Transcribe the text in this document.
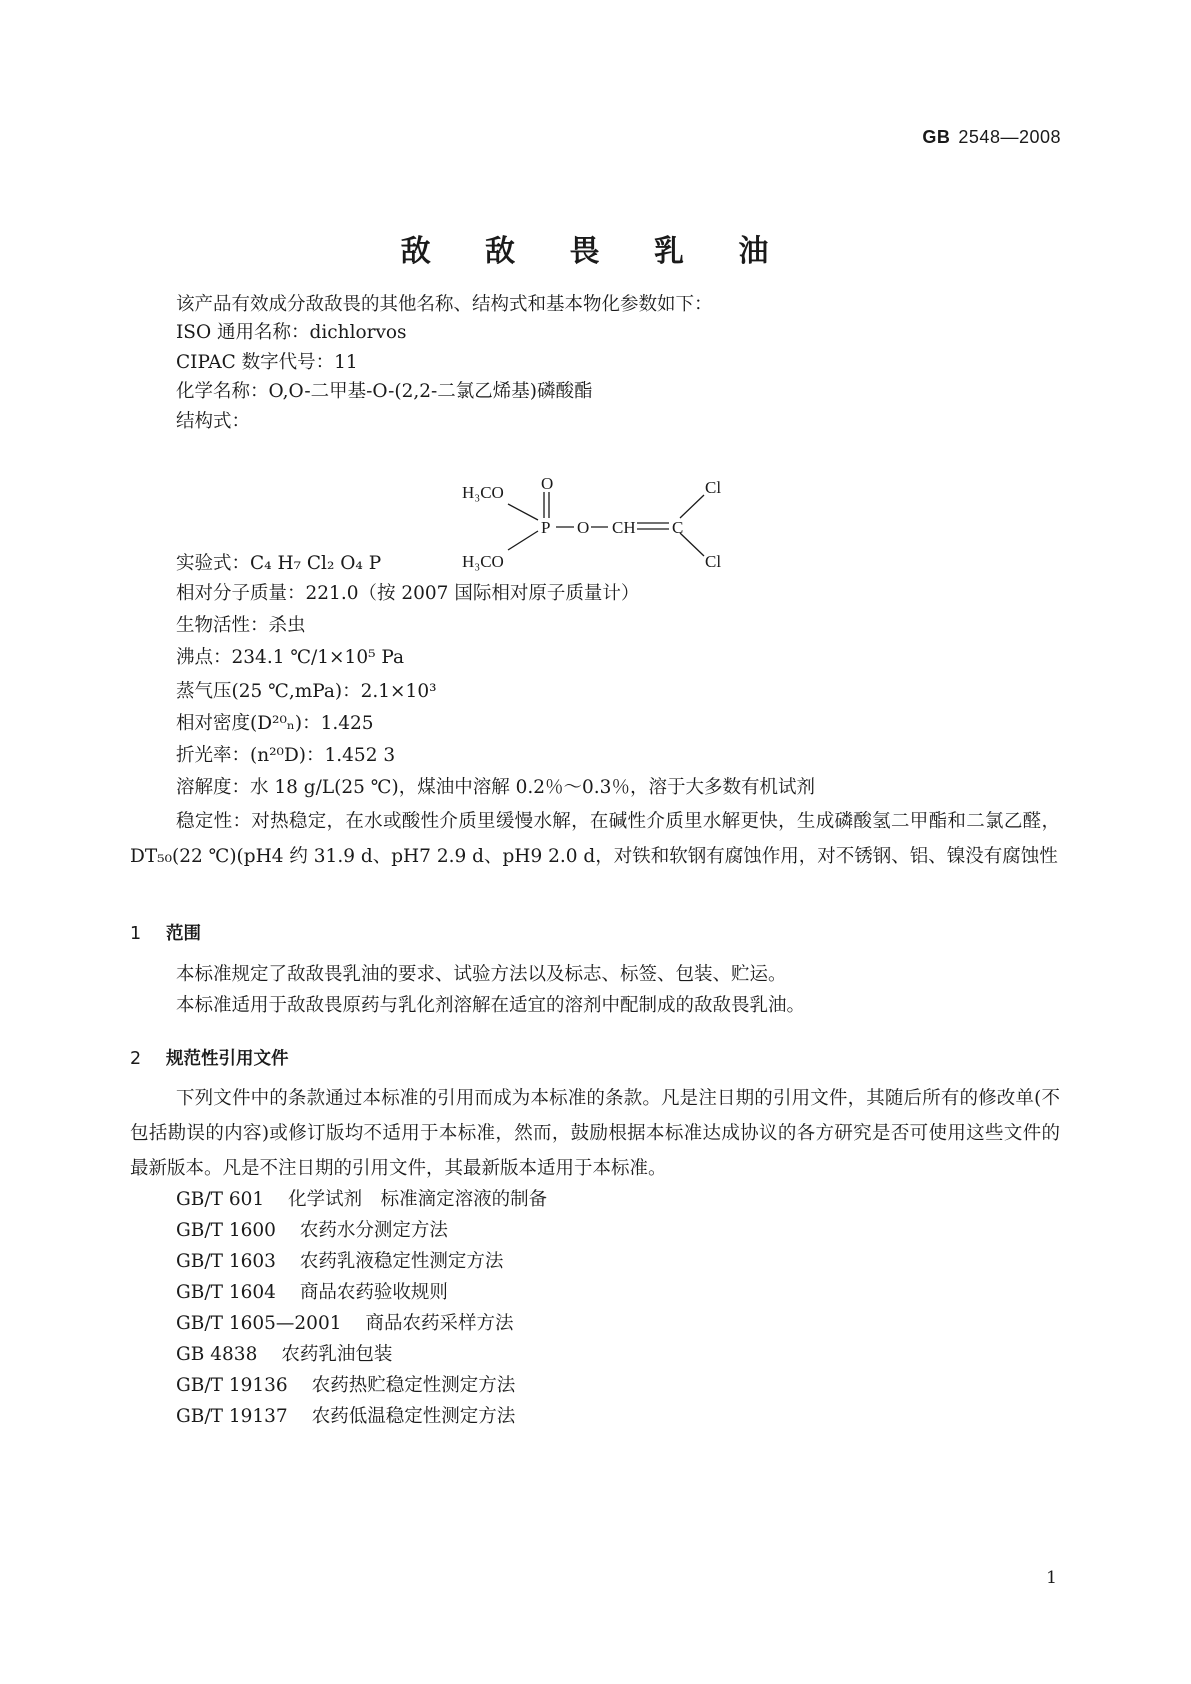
GB 2548—2008
敌 敌 畏 乳 油
该产品有效成分敌敌畏的其他名称、结构式和基本物化参数如下：
ISO 通用名称：dichlorvos
CIPAC 数字代号：11
化学名称：O,O-二甲基-O-(2,2-二氯乙烯基)磷酸酯
结构式：
H₃CO
H₃CO
O
P O CH C
Cl
Cl
实验式：C₄ H₇ Cl₂ O₄ P
相对分子质量：221.0（按 2007 国际相对原子质量计）
生物活性：杀虫
沸点：234.1 ℃/1×10⁵ Pa
蒸气压(25 ℃,mPa)：2.1×10³
相对密度(D²⁰ₙ)：1.425
折光率：(n²⁰D)：1.452 3
溶解度：水 18 g/L(25 ℃)，煤油中溶解 0.2％～0.3％，溶于大多数有机试剂
稳定性：对热稳定，在水或酸性介质里缓慢水解，在碱性介质里水解更快，生成磷酸氢二甲酯和二氯乙醛，DT₅₀(22 ℃)(pH4 约 31.9 d、pH7 2.9 d、pH9 2.0 d，对铁和软钢有腐蚀作用，对不锈钢、铝、镍没有腐蚀性
1 范围
本标准规定了敌敌畏乳油的要求、试验方法以及标志、标签、包装、贮运。
本标准适用于敌敌畏原药与乳化剂溶解在适宜的溶剂中配制成的敌敌畏乳油。
2 规范性引用文件
下列文件中的条款通过本标准的引用而成为本标准的条款。凡是注日期的引用文件，其随后所有的修改单(不包括勘误的内容)或修订版均不适用于本标准，然而，鼓励根据本标准达成协议的各方研究是否可使用这些文件的最新版本。凡是不注日期的引用文件，其最新版本适用于本标准。
GB/T 601 化学试剂　标准滴定溶液的制备
GB/T 1600 农药水分测定方法
GB/T 1603 农药乳液稳定性测定方法
GB/T 1604 商品农药验收规则
GB/T 1605—2001 商品农药采样方法
GB 4838 农药乳油包装
GB/T 19136 农药热贮稳定性测定方法
GB/T 19137 农药低温稳定性测定方法
1
